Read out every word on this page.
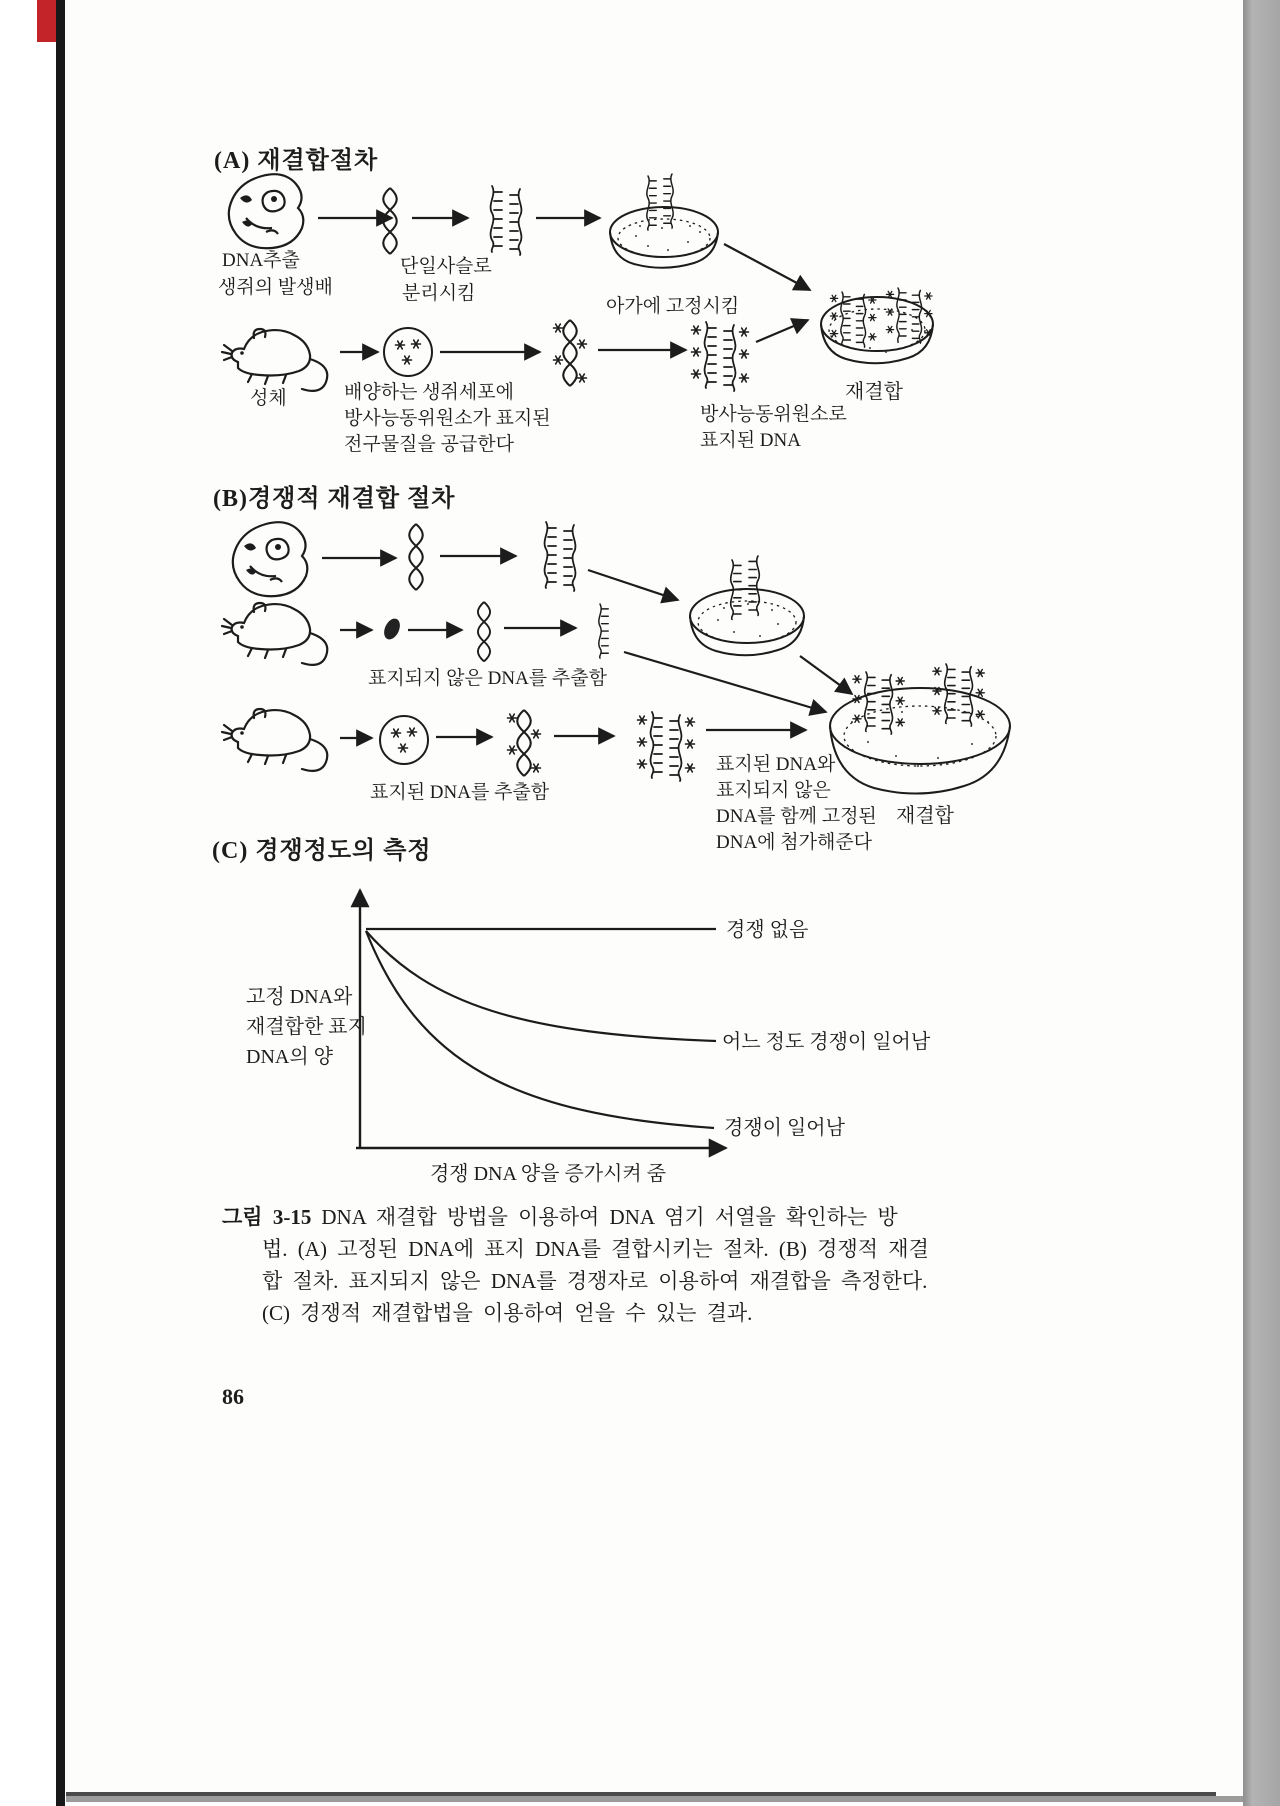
(A) 재결합절차
DNA추출
생쥐의 발생배
단일사슬로
분리시킴
아가에 고정시킴
재결합
성체	배양하는 생쥐세포에
방사능동위원소가 표지된
전구물질을 공급한다
방사능동위원소로
표지된 DNA
(B)경쟁적 재결합 절차
표지되지 않은 DNA를 추출함
표지된 DNA를 추출함
표지된 DNA와
표지되지 않은
DNA를 함께 고정된
DNA에 첨가해준다
재결합
(C) 경쟁정도의 측정
경쟁 없음
어느 정도 경쟁이 일어남
경쟁이 일어남
고정 DNA와
재결합한 표지
DNA의 양
경쟁 DNA 양을 증가시켜 줌
그림 3-15 DNA 재결합 방법을 이용하여 DNA 염기 서열을 확인하는 방
법. (A) 고정된 DNA에 표지 DNA를 결합시키는 절차. (B) 경쟁적 재결
합 절차. 표지되지 않은 DNA를 경쟁자로 이용하여 재결합을 측정한다.
(C) 경쟁적 재결합법을 이용하여 얻을 수 있는 결과.
86
